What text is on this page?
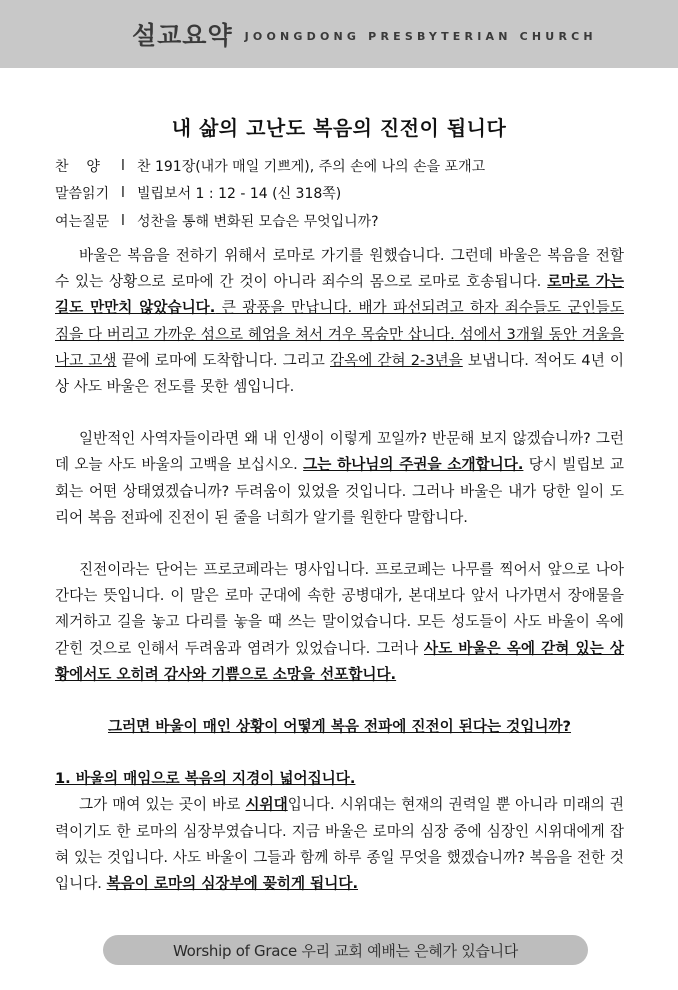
설교요약 JOONGDONG PRESBYTERIAN CHURCH
내 삶의 고난도 복음의 진전이 됩니다
찬    양	l 찬 191장(내가 매일 기쁘게), 주의 손에 나의 손을 포개고
말씀읽기 l 빌립보서 1 : 12 - 14 (신 318쪽)
여는질문 l 성찬을 통해 변화된 모습은 무엇입니까?

바울은 복음을 전하기 위해서 로마로 가기를 원했습니다. 그런데 바울은 복음을 전할 수 있는 상황으로 로마에 간 것이 아니라 죄수의 몸으로 로마로 호송됩니다. 로마로 가는 길도 만만치 않았습니다. 큰 광풍을 만납니다. 배가 파선되려고 하자 죄수들도 군인들도 짐을 다 버리고 가까운 섬으로 헤엄을 쳐서 겨우 목숨만 삽니다. 섬에서 3개월 동안 겨울을 나고 고생 끝에 로마에 도착합니다. 그리고 감옥에 갇혀 2-3년을 보냅니다. 적어도 4년 이상 사도 바울은 전도를 못한 셈입니다.

일반적인 사역자들이라면 왜 내 인생이 이렇게 꼬일까? 반문해 보지 않겠습니까? 그런데 오늘 사도 바울의 고백을 보십시오. 그는 하나님의 주권을 소개합니다. 당시 빌립보 교회는 어떤 상태였겠습니까? 두려움이 있었을 것입니다. 그러나 바울은 내가 당한 일이 도리어 복음 전파에 진전이 된 줄을 너희가 알기를 원한다 말합니다.

진전이라는 단어는 프로코페라는 명사입니다. 프로코페는 나무를 찍어서 앞으로 나아간다는 뜻입니다. 이 말은 로마 군대에 속한 공병대가, 본대보다 앞서 나가면서 장애물을 제거하고 길을 놓고 다리를 놓을 때 쓰는 말이었습니다. 모든 성도들이 사도 바울이 옥에 갇힌 것으로 인해서 두려움과 염려가 있었습니다. 그러나 사도 바울은 옥에 갇혀 있는 상황에서도 오히려 감사와 기쁨으로 소망을 선포합니다.

그러면 바울이 매인 상황이 어떻게 복음 전파에 진전이 된다는 것입니까?

1. 바울의 매임으로 복음의 지경이 넓어집니다.

그가 매여 있는 곳이 바로 시위대입니다. 시위대는 현재의 권력일 뿐 아니라 미래의 권력이기도 한 로마의 심장부였습니다. 지금 바울은 로마의 심장 중에 심장인 시위대에게 잡혀 있는 것입니다. 사도 바울이 그들과 함께 하루 종일 무엇을 했겠습니까? 복음을 전한 것입니다. 복음이 로마의 심장부에 꽂히게 됩니다.

Worship of Grace 우리 교회 예배는 은혜가 있습니다
